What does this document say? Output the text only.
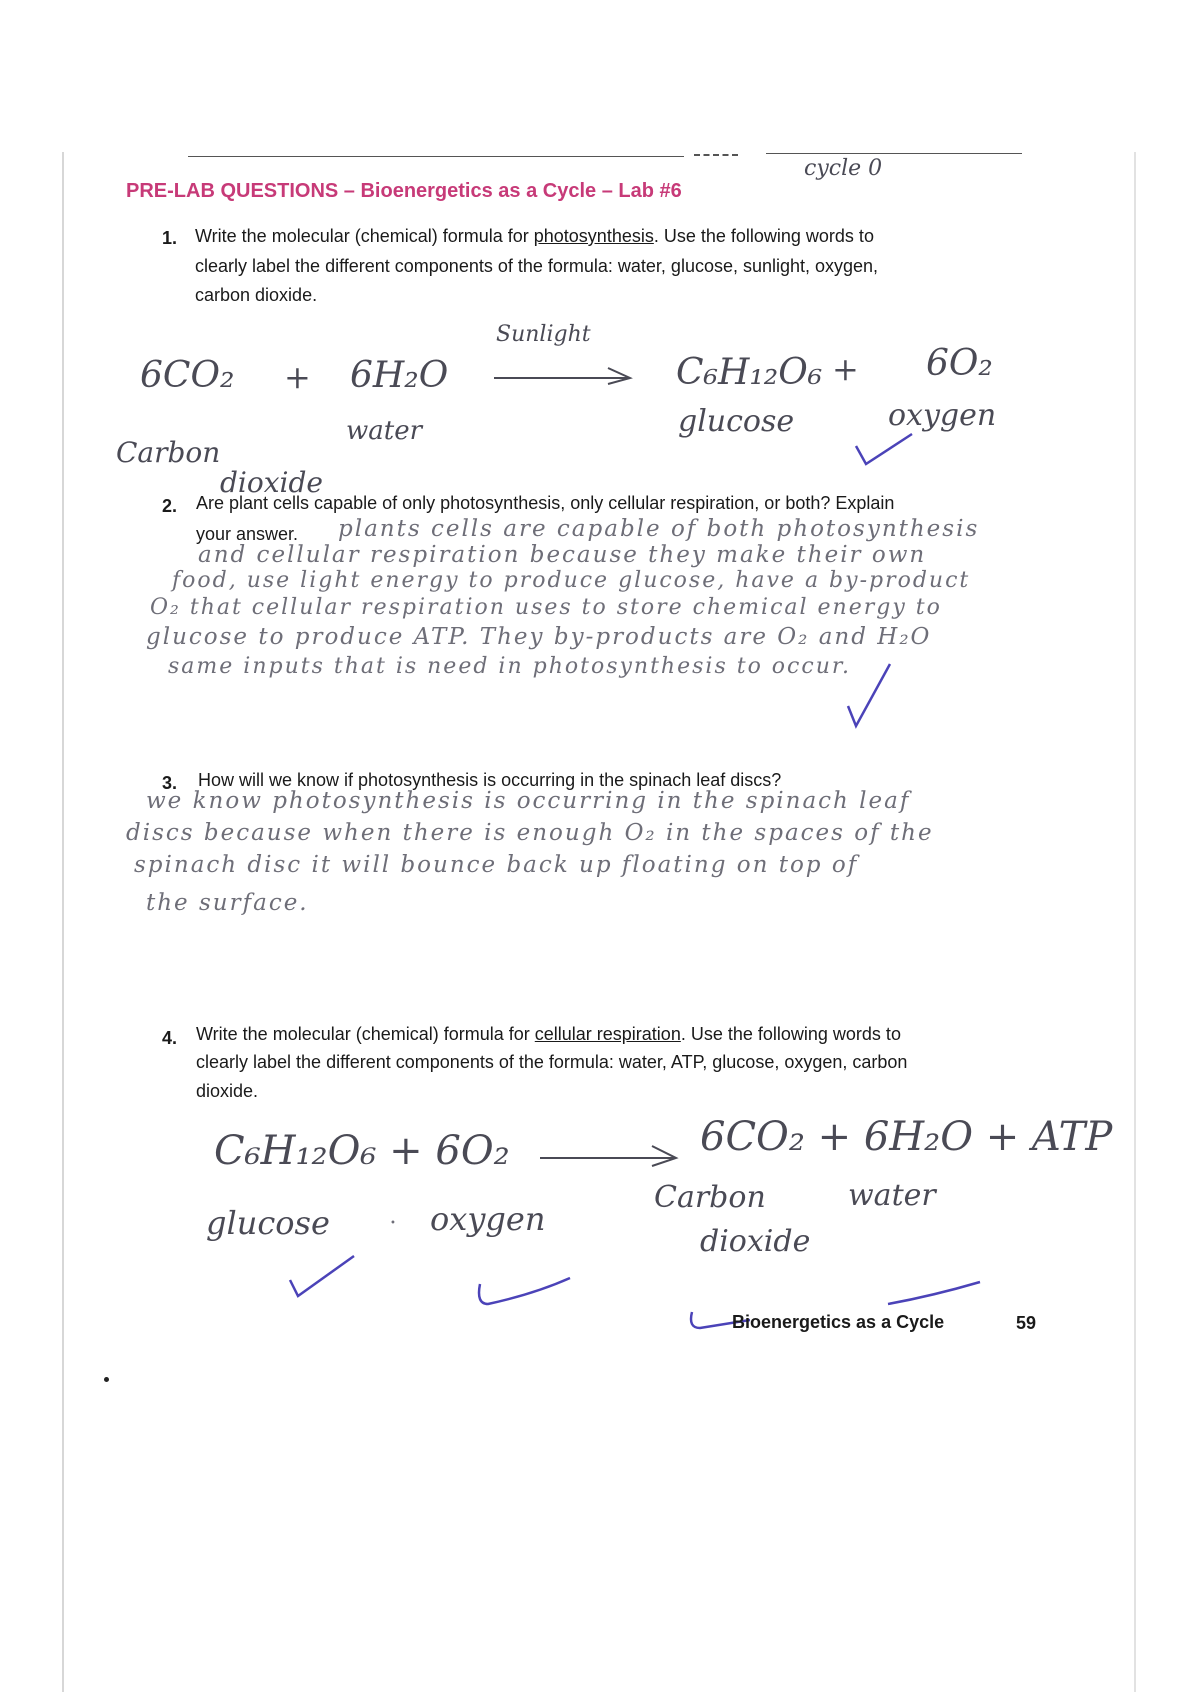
cycle 0
PRE-LAB QUESTIONS – Bioenergetics as a Cycle – Lab #6
1. Write the molecular (chemical) formula for photosynthesis. Use the following words to
clearly label the different components of the formula: water, glucose, sunlight, oxygen,
carbon dioxide.
Sunlight
6CO₂ + 6H₂O	C₆H₁₂O₆ + 6O₂
water	glucose	oxygen
Carbon
dioxide
2. Are plant cells capable of only photosynthesis, only cellular respiration, or both? Explain
your answer. plants cells are capable of both photosynthesis
and cellular respiration because they make their own
food, use light energy to produce glucose, have a by-product
O₂ that cellular respiration uses to store chemical energy to
glucose to produce ATP. They by-products are O₂ and H₂O
same inputs that is need in photosynthesis to occur.
3. How will we know if photosynthesis is occurring in the spinach leaf discs?
we know photosynthesis is occurring in the spinach leaf
discs because when there is enough O₂ in the spaces of the
spinach disc it will bounce back up floating on top of
the surface.
4. Write the molecular (chemical) formula for cellular respiration. Use the following words to
clearly label the different components of the formula: water, ATP, glucose, oxygen, carbon
dioxide.
C₆H₁₂O₆ + 6O₂	6CO₂ + 6H₂O + ATP
glucose	• oxygen
Carbon
dioxide
water
Bioenergetics as a Cycle	59
